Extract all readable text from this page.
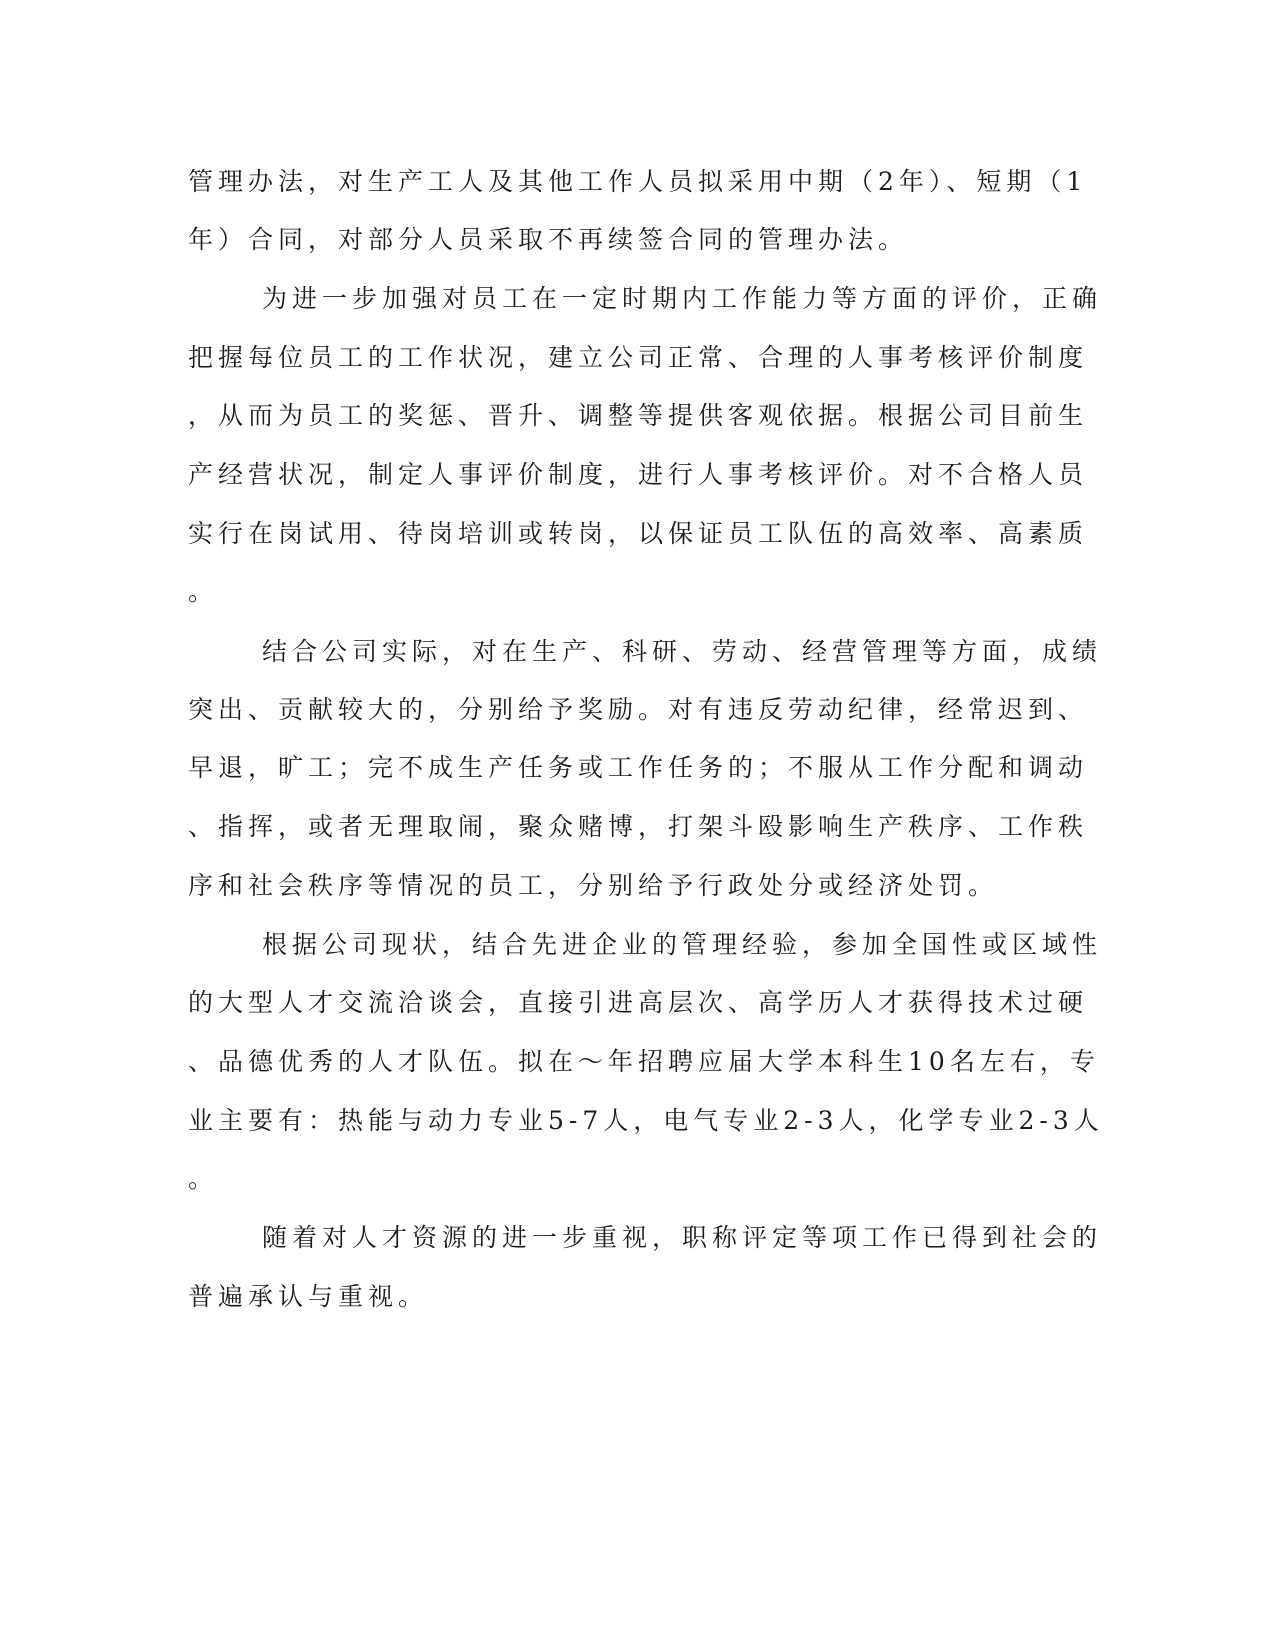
管理办法，对生产工人及其他工作人员拟采用中期（2年）、短期（1

年）合同，对部分人员采取不再续签合同的管理办法。

为进一步加强对员工在一定时期内工作能力等方面的评价，正确

把握每位员工的工作状况，建立公司正常、合理的人事考核评价制度

，从而为员工的奖惩、晋升、调整等提供客观依据。根据公司目前生

产经营状况，制定人事评价制度，进行人事考核评价。对不合格人员

实行在岗试用、待岗培训或转岗，以保证员工队伍的高效率、高素质

。

结合公司实际，对在生产、科研、劳动、经营管理等方面，成绩

突出、贡献较大的，分别给予奖励。对有违反劳动纪律，经常迟到、

早退，旷工；完不成生产任务或工作任务的；不服从工作分配和调动

、指挥，或者无理取闹，聚众赌博，打架斗殴影响生产秩序、工作秩

序和社会秩序等情况的员工，分别给予行政处分或经济处罚。

根据公司现状，结合先进企业的管理经验，参加全国性或区域性

的大型人才交流洽谈会，直接引进高层次、高学历人才获得技术过硬

、品德优秀的人才队伍。拟在～年招聘应届大学本科生10名左右，专

业主要有：热能与动力专业5-7人，电气专业2-3人，化学专业2-3人

。

随着对人才资源的进一步重视，职称评定等项工作已得到社会的

普遍承认与重视。
